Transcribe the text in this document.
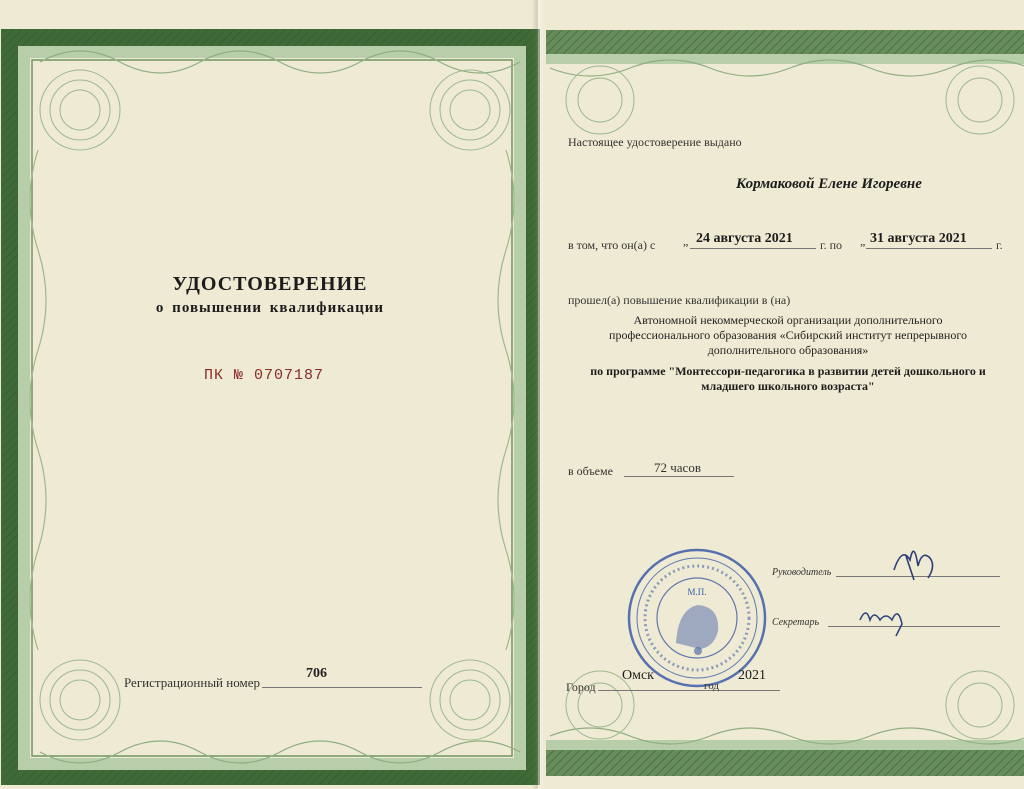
УДОСТОВЕРЕНИЕ
о повышении квалификации
ПК № 0707187
Регистрационный номер
706
Настоящее удостоверение выдано
Кормаковой Елене Игоревне
в том, что он(а) с „ 24 августа 2021 г. по „ 31 августа 2021 г.
прошел(а) повышение квалификации в (на)
Автономной некоммерческой организации дополнительного профессионального образования «Сибирский институт непрерывного дополнительного образования»
по программе "Монтессори-педагогика в развитии детей дошкольного и младшего школьного возраста"
в объеме	72 часов
М.П.
Руководитель
Секретарь
Город
Омск
год
2021
